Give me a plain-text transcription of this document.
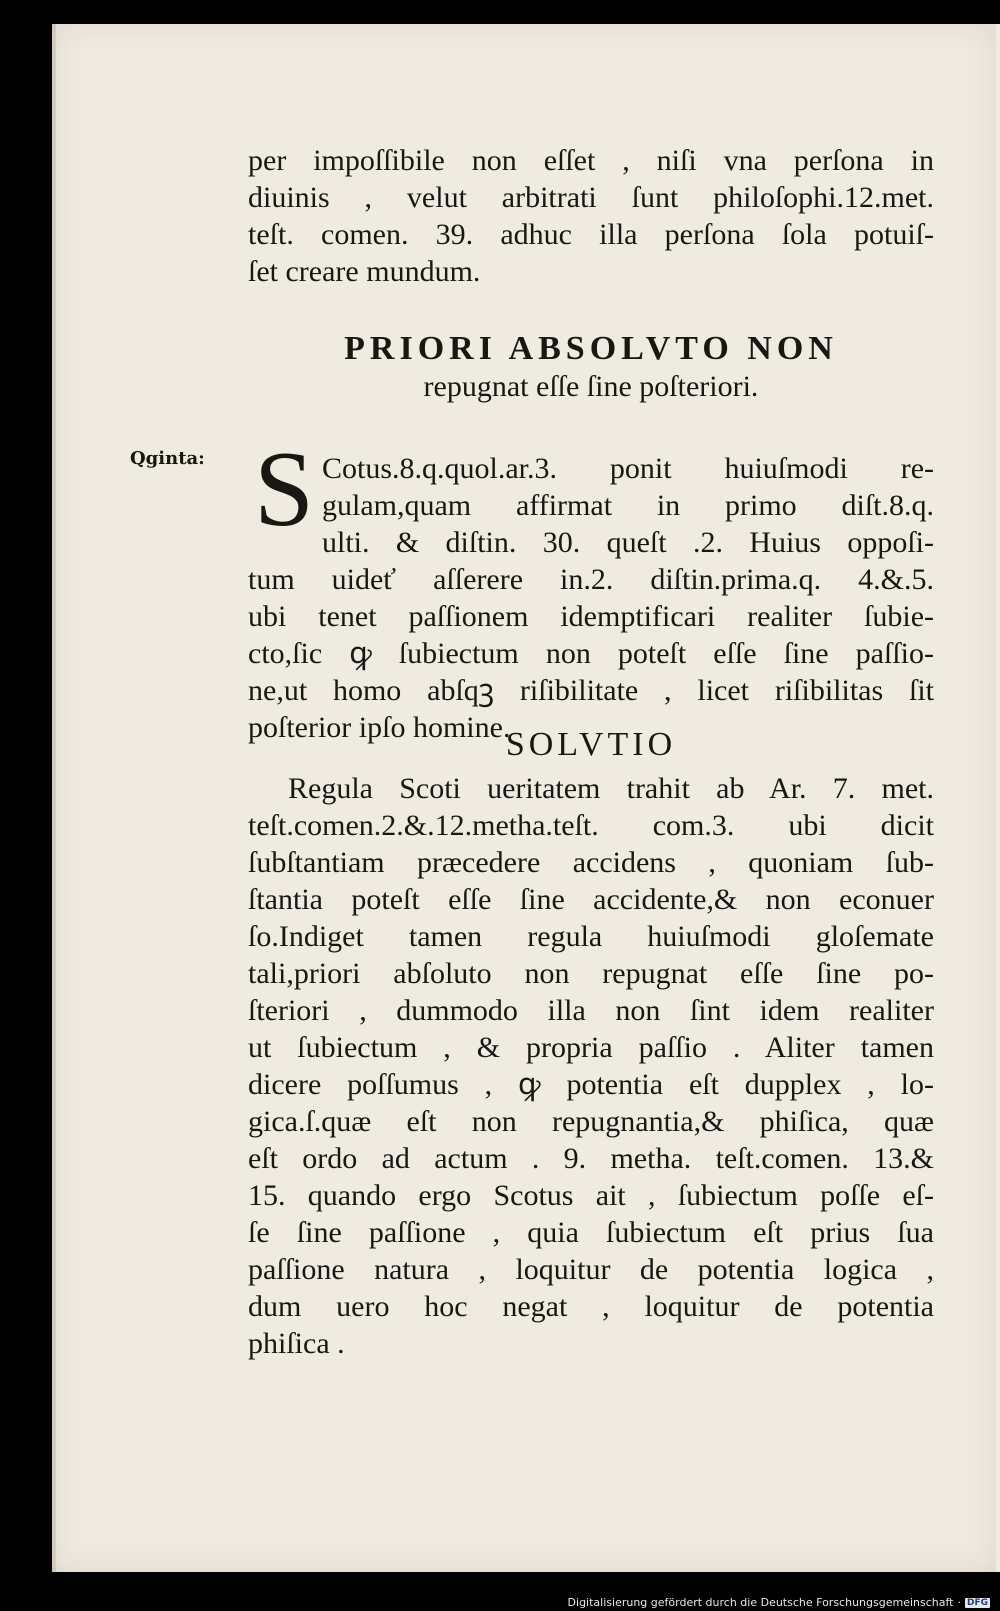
per impoſſibile non eſſet , niſi vna perſona in
diuinis , velut arbitrati ſunt philoſophi.12.met.
teſt. comen. 39. adhuc illa perſona ſola potuiſ-
ſet creare mundum.
PRIORI ABSOLVTO NON
repugnat eſſe ſine poſteriori.
Qginta: S Cotus.8.q.quol.ar.3. ponit huiuſmodi re-
gulam,quam affirmat in primo diſt.8.q.
ulti. & diſtin. 30. queſt .2. Huius oppoſi-
tum uideť aſſerere in.2. diſtin.prima.q. 4.&.5.
ubi tenet paſſionem idemptificari realiter ſubie-
cto,ſic ꝙ ſubiectum non poteſt eſſe ſine paſſio-
ne,ut homo abſqꝫ riſibilitate , licet riſibilitas ſit
poſterior ipſo homine.
SOLVTIO
Regula Scoti ueritatem trahit ab Ar. 7. met.
teſt.comen.2.&.12.metha.teſt. com.3. ubi dicit
ſubſtantiam præcedere accidens , quoniam ſub-
ſtantia poteſt eſſe ſine accidente,& non econuer
ſo.Indiget tamen regula huiuſmodi gloſemate
tali,priori abſoluto non repugnat eſſe ſine po-
ſteriori , dummodo illa non ſint idem realiter
ut ſubiectum , & propria paſſio . Aliter tamen
dicere poſſumus , ꝙ potentia eſt dupplex , lo-
gica.ſ.quæ eſt non repugnantia,& phiſica, quæ
eſt ordo ad actum . 9. metha. teſt.comen. 13.&
15. quando ergo Scotus ait , ſubiectum poſſe eſ-
ſe ſine paſſione , quia ſubiectum eſt prius ſua
paſſione natura , loquitur de potentia logica ,
dum uero hoc negat , loquitur de potentia
phiſica .
Digitalisierung gefördert durch die Deutsche Forschungsgemeinschaft · DFG
